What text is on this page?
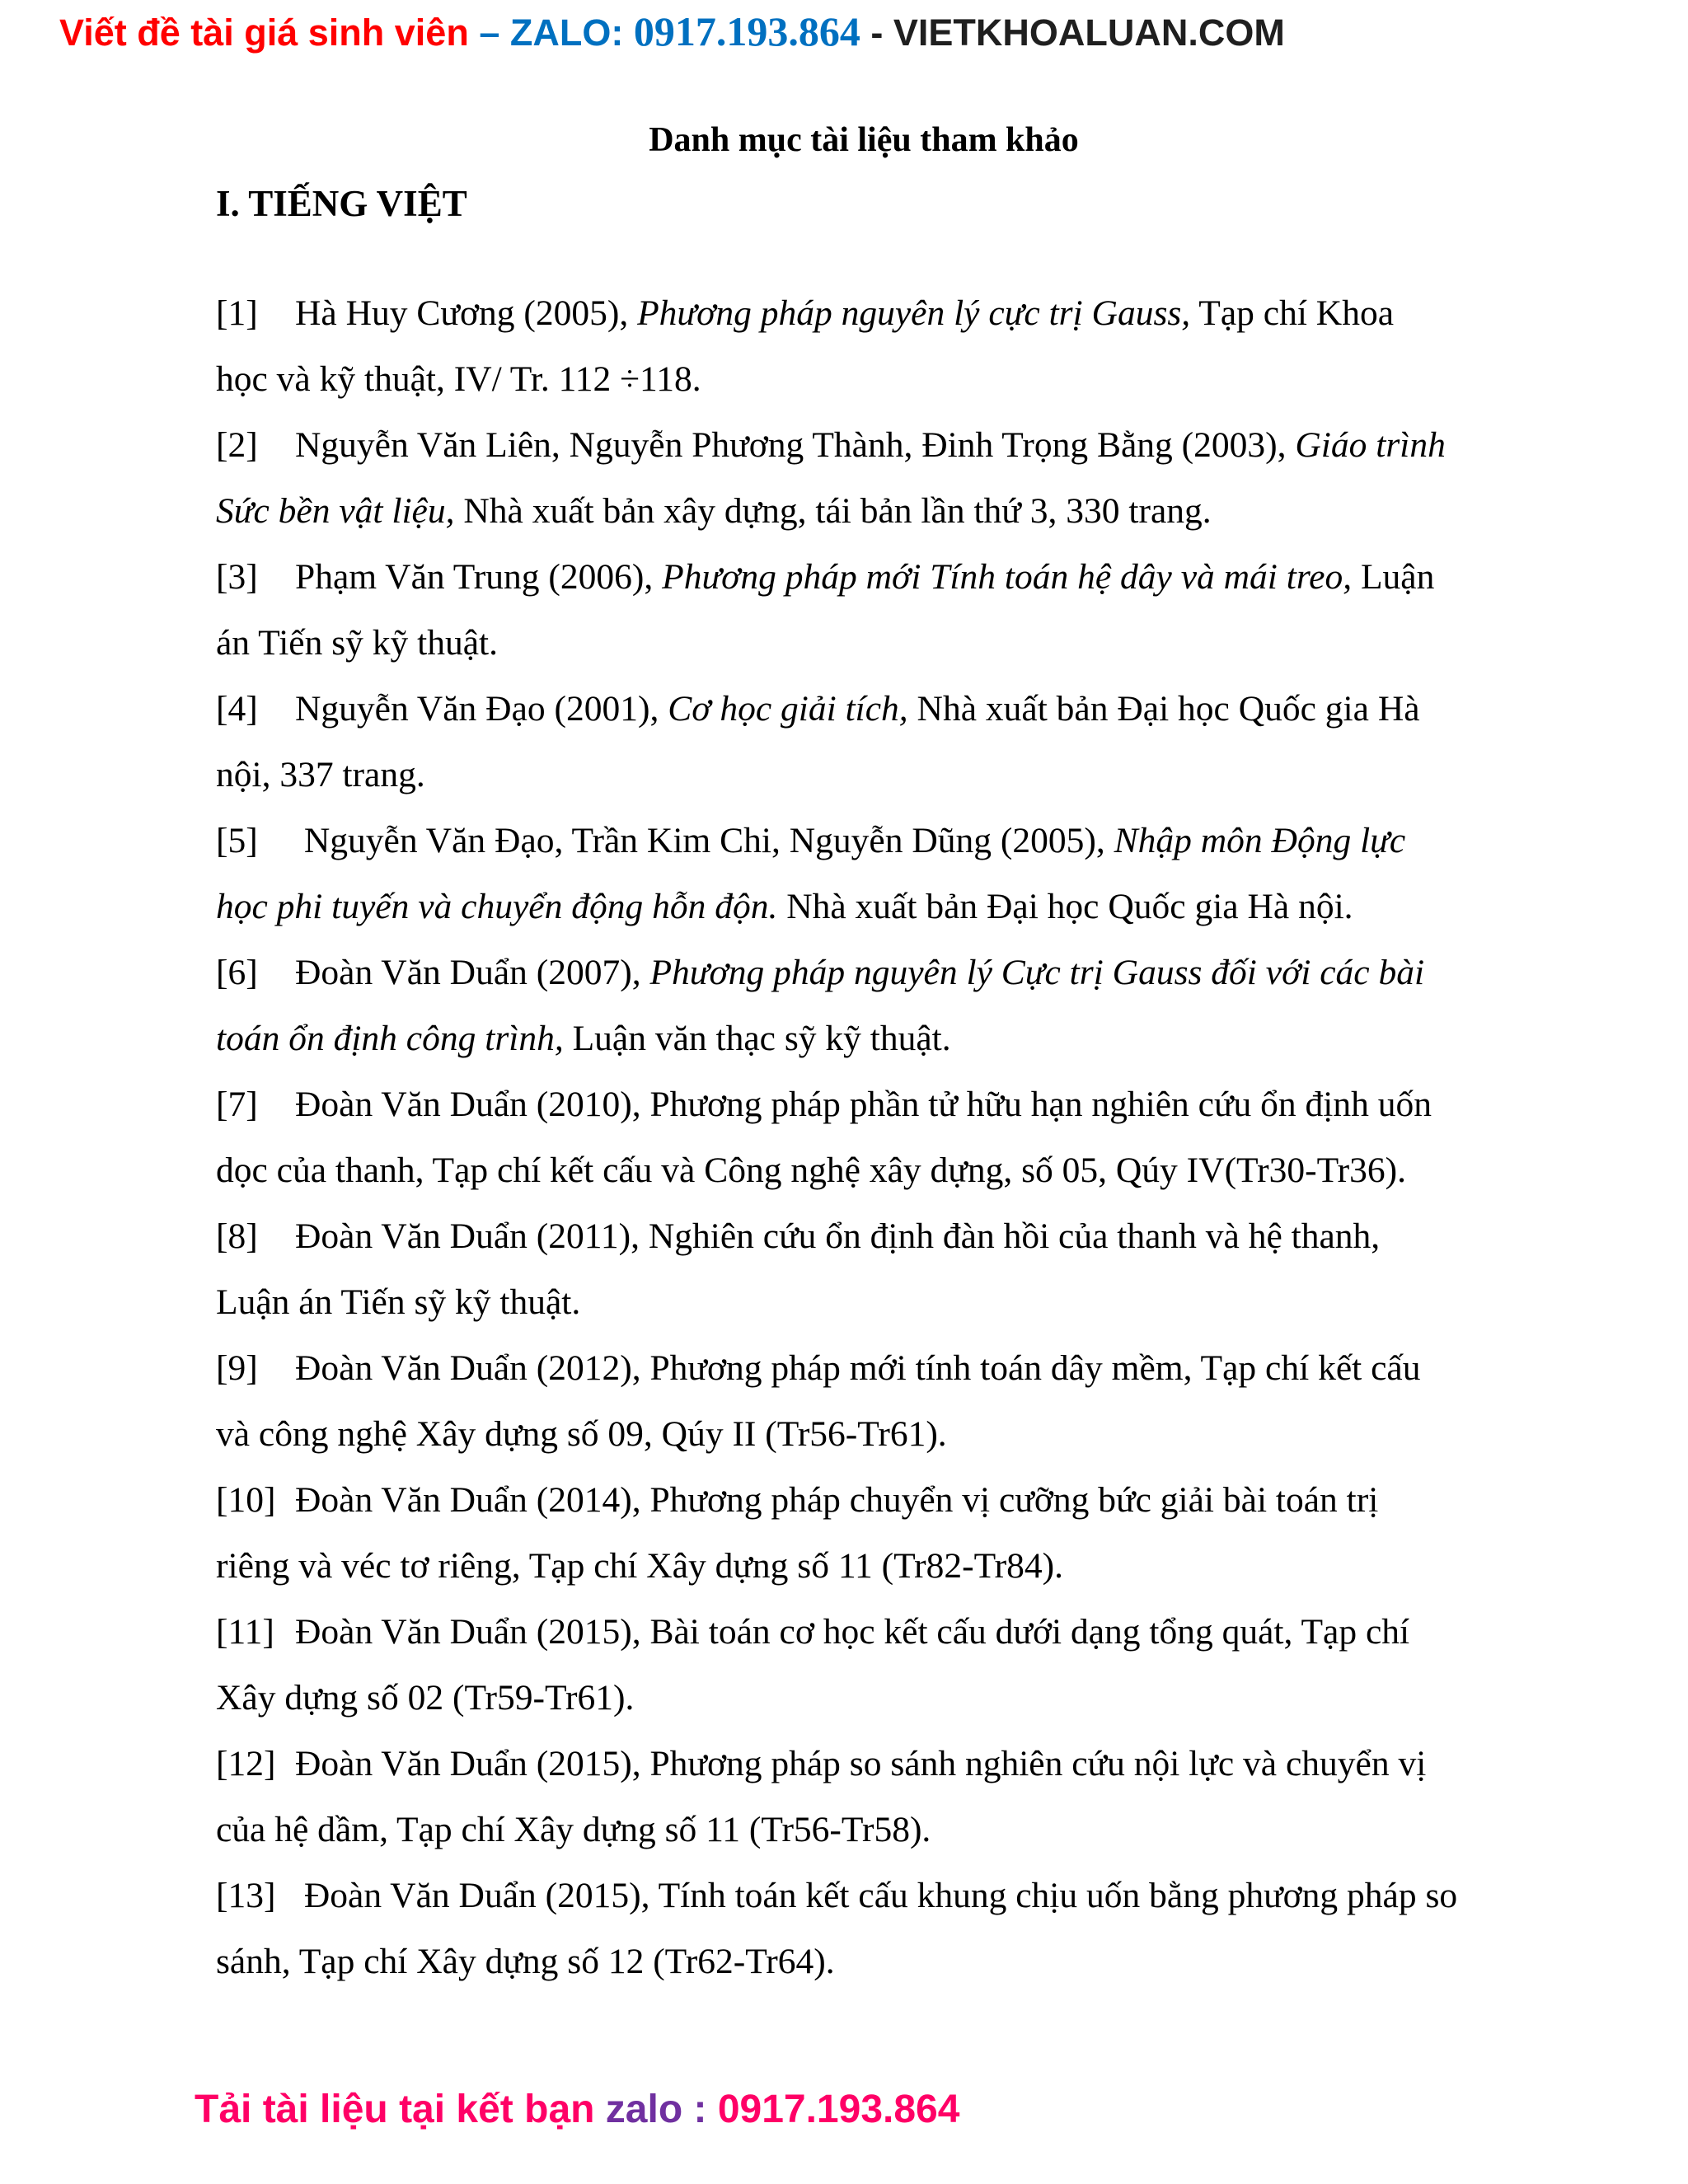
Viết đề tài giá sinh viên – ZALO: 0917.193.864 - VIETKHOALUAN.COM
Danh mục tài liệu tham khảo
I. TIẾNG VIỆT

[1] Hà Huy Cương (2005), Phương pháp nguyên lý cực trị Gauss, Tạp chí Khoa

học và kỹ thuật, IV/ Tr. 112 ÷118.

[2] Nguyễn Văn Liên, Nguyễn Phương Thành, Đinh Trọng Bằng (2003), Giáo trình

Sức bền vật liệu, Nhà xuất bản xây dựng, tái bản lần thứ 3, 330 trang.

[3] Phạm Văn Trung (2006), Phương pháp mới Tính toán hệ dây và mái treo, Luận

án Tiến sỹ kỹ thuật.

[4] Nguyễn Văn Đạo (2001), Cơ học giải tích, Nhà xuất bản Đại học Quốc gia Hà

nội, 337 trang.

[5] Nguyễn Văn Đạo, Trần Kim Chi, Nguyễn Dũng (2005), Nhập môn Động lực

học phi tuyến và chuyển động hỗn độn. Nhà xuất bản Đại học Quốc gia Hà nội.

[6] Đoàn Văn Duẩn (2007), Phương pháp nguyên lý Cực trị Gauss đối với các bài

toán ổn định công trình, Luận văn thạc sỹ kỹ thuật.

[7] Đoàn Văn Duẩn (2010), Phương pháp phần tử hữu hạn nghiên cứu ổn định uốn

dọc của thanh, Tạp chí kết cấu và Công nghệ xây dựng, số 05, Qúy IV(Tr30-Tr36).

[8] Đoàn Văn Duẩn (2011), Nghiên cứu ổn định đàn hồi của thanh và hệ thanh,

Luận án Tiến sỹ kỹ thuật.

[9] Đoàn Văn Duẩn (2012), Phương pháp mới tính toán dây mềm, Tạp chí kết cấu

và công nghệ Xây dựng số 09, Qúy II (Tr56-Tr61).

[10] Đoàn Văn Duẩn (2014), Phương pháp chuyển vị cưỡng bức giải bài toán trị

riêng và véc tơ riêng, Tạp chí Xây dựng số 11 (Tr82-Tr84).

[11] Đoàn Văn Duẩn (2015), Bài toán cơ học kết cấu dưới dạng tổng quát, Tạp chí

Xây dựng số 02 (Tr59-Tr61).

[12] Đoàn Văn Duẩn (2015), Phương pháp so sánh nghiên cứu nội lực và chuyển vị

của hệ dầm, Tạp chí Xây dựng số 11 (Tr56-Tr58).

[13] Đoàn Văn Duẩn (2015), Tính toán kết cấu khung chịu uốn bằng phương pháp so

sánh, Tạp chí Xây dựng số 12 (Tr62-Tr64).

Tải tài liệu tại kết bạn zalo : 0917.193.864
